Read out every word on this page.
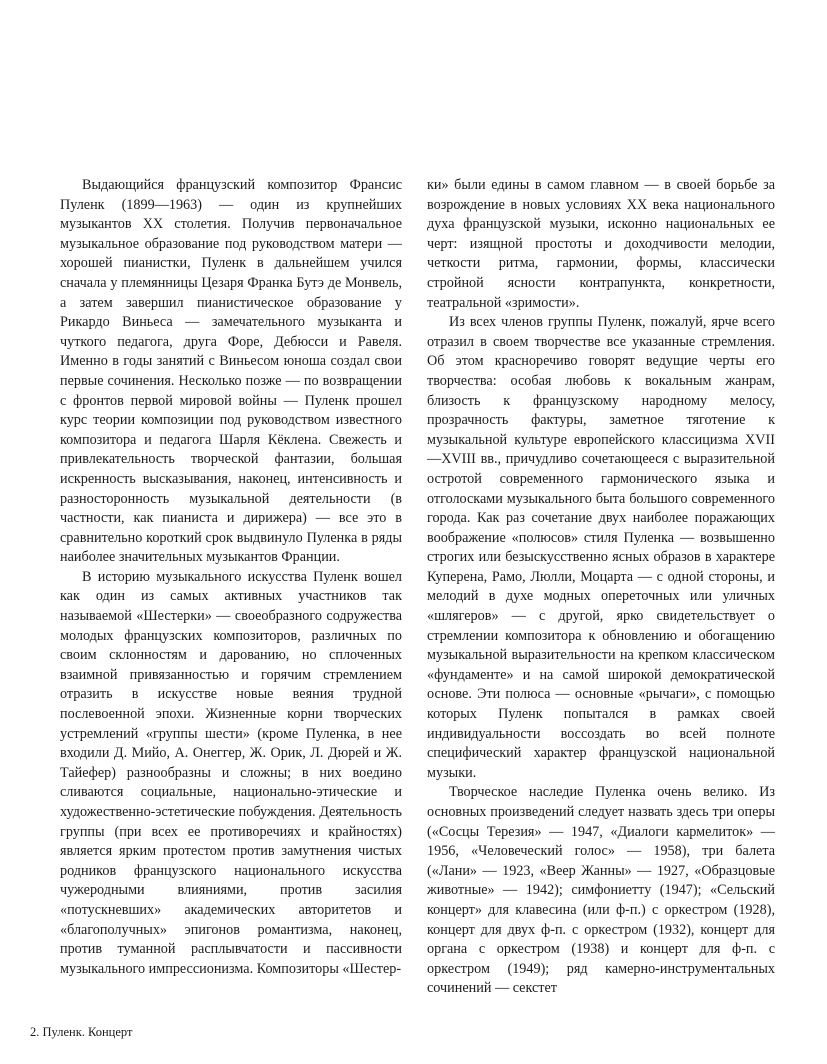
Выдающийся французский композитор Франсис Пуленк (1899—1963) — один из крупнейших музыкантов XX столетия. Получив первоначальное музыкальное образование под руководством матери — хорошей пианистки, Пуленк в дальнейшем учился сначала у племянницы Цезаря Франка Бутэ де Монвель, а затем завершил пианистическое образование у Рикардо Виньеса — замечательного музыканта и чуткого педагога, друга Форе, Дебюсси и Равеля. Именно в годы занятий с Виньесом юноша создал свои первые сочинения. Несколько позже — по возвращении с фронтов первой мировой войны — Пуленк прошел курс теории композиции под руководством известного композитора и педагога Шарля Кёклена. Свежесть и привлекательность творческой фантазии, большая искренность высказывания, наконец, интенсивность и разносторонность музыкальной деятельности (в частности, как пианиста и дирижера) — все это в сравнительно короткий срок выдвинуло Пуленка в ряды наиболее значительных музыкантов Франции.

В историю музыкального искусства Пуленк вошел как один из самых активных участников так называемой «Шестерки» — своеобразного содружества молодых французских композиторов, различных по своим склонностям и дарованию, но сплоченных взаимной привязанностью и горячим стремлением отразить в искусстве новые веяния трудной послевоенной эпохи. Жизненные корни творческих устремлений «группы шести» (кроме Пуленка, в нее входили Д. Мийо, А. Онеггер, Ж. Орик, Л. Дюрей и Ж. Тайефер) разнообразны и сложны; в них воедино сливаются социальные, национально-этические и художественно-эстетические побуждения. Деятельность группы (при всех ее противоречиях и крайностях) является ярким протестом против замутнения чистых родников французского национального искусства чужеродными влияниями, против засилия «потускневших» академических авторитетов и «благополучных» эпигонов романтизма, наконец, против туманной расплывчатости и пассивности музыкального импрессионизма. Композиторы «Шестер-

ки» были едины в самом главном — в своей борьбе за возрождение в новых условиях XX века национального духа французской музыки, исконно национальных ее черт: изящной простоты и доходчивости мелодии, четкости ритма, гармонии, формы, классически стройной ясности контрапункта, конкретности, театральной «зримости».

Из всех членов группы Пуленк, пожалуй, ярче всего отразил в своем творчестве все указанные стремления. Об этом красноречиво говорят ведущие черты его творчества: особая любовь к вокальным жанрам, близость к французскому народному мелосу, прозрачность фактуры, заметное тяготение к музыкальной культуре европейского классицизма XVII—XVIII вв., причудливо сочетающееся с выразительной остротой современного гармонического языка и отголосками музыкального быта большого современного города. Как раз сочетание двух наиболее поражающих воображение «полюсов» стиля Пуленка — возвышенно строгих или безыскусственно ясных образов в характере Куперена, Рамо, Люлли, Моцарта — с одной стороны, и мелодий в духе модных опереточных или уличных «шлягеров» — с другой, ярко свидетельствует о стремлении композитора к обновлению и обогащению музыкальной выразительности на крепком классическом «фундаменте» и на самой широкой демократической основе. Эти полюса — основные «рычаги», с помощью которых Пуленк попытался в рамках своей индивидуальности воссоздать во всей полноте специфический характер французской национальной музыки.

Творческое наследие Пуленка очень велико. Из основных произведений следует назвать здесь три оперы («Сосцы Терезия» — 1947, «Диалоги кармелиток» — 1956, «Человеческий голос» — 1958), три балета («Лани» — 1923, «Веер Жанны» — 1927, «Образцовые животные» — 1942); симфониетту (1947); «Сельский концерт» для клавесина (или ф-п.) с оркестром (1928), концерт для двух ф-п. с оркестром (1932), концерт для органа с оркестром (1938) и концерт для ф-п. с оркестром (1949); ряд камерно-инструментальных сочинений — секстет

2. Пуленк. Концерт
